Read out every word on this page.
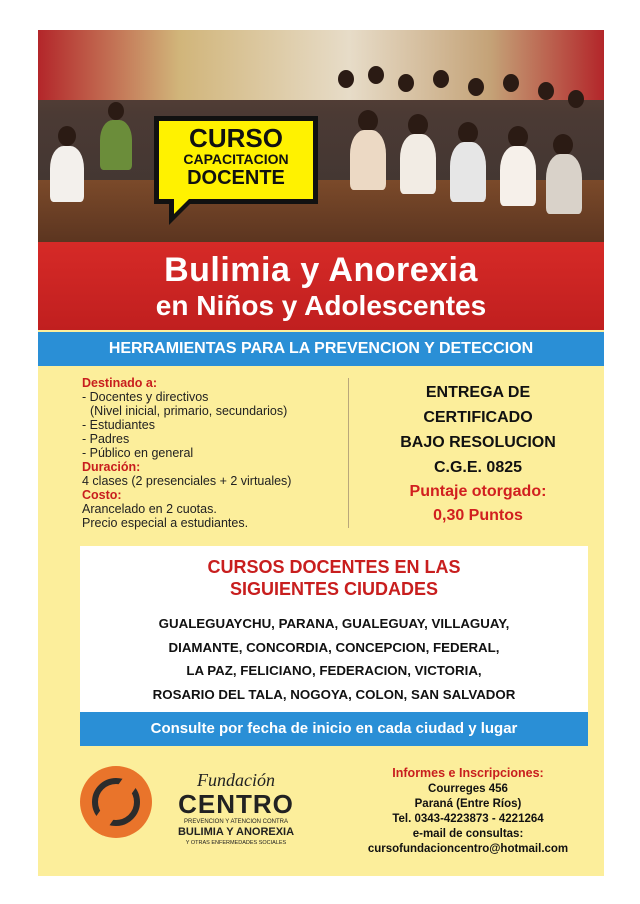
CURSO
CAPACITACION
DOCENTE
Bulimia y Anorexia
en Niños y Adolescentes
HERRAMIENTAS PARA LA PREVENCION Y DETECCION
Destinado a:
- Docentes y directivos
(Nivel inicial, primario, secundarios)
- Estudiantes
- Padres
- Público en general
Duración:
4 clases (2 presenciales + 2 virtuales)
Costo:
Arancelado en 2 cuotas.
Precio especial a estudiantes.
ENTREGA DE
CERTIFICADO
BAJO RESOLUCION
C.G.E. 0825
Puntaje otorgado:
0,30 Puntos
CURSOS DOCENTES EN LAS
SIGUIENTES CIUDADES
GUALEGUAYCHU, PARANA, GUALEGUAY, VILLAGUAY,
DIAMANTE, CONCORDIA, CONCEPCION, FEDERAL,
LA PAZ, FELICIANO, FEDERACION, VICTORIA,
ROSARIO DEL TALA, NOGOYA, COLON, SAN SALVADOR
Consulte por fecha de inicio en cada ciudad y lugar
Fundación
CENTRO
PREVENCION Y ATENCION CONTRA
BULIMIA Y ANOREXIA
Y OTRAS ENFERMEDADES SOCIALES
Informes e Inscripciones:
Courreges 456
Paraná (Entre Ríos)
Tel. 0343-4223873 - 4221264
e-mail de consultas:
cursofundacioncentro@hotmail.com
